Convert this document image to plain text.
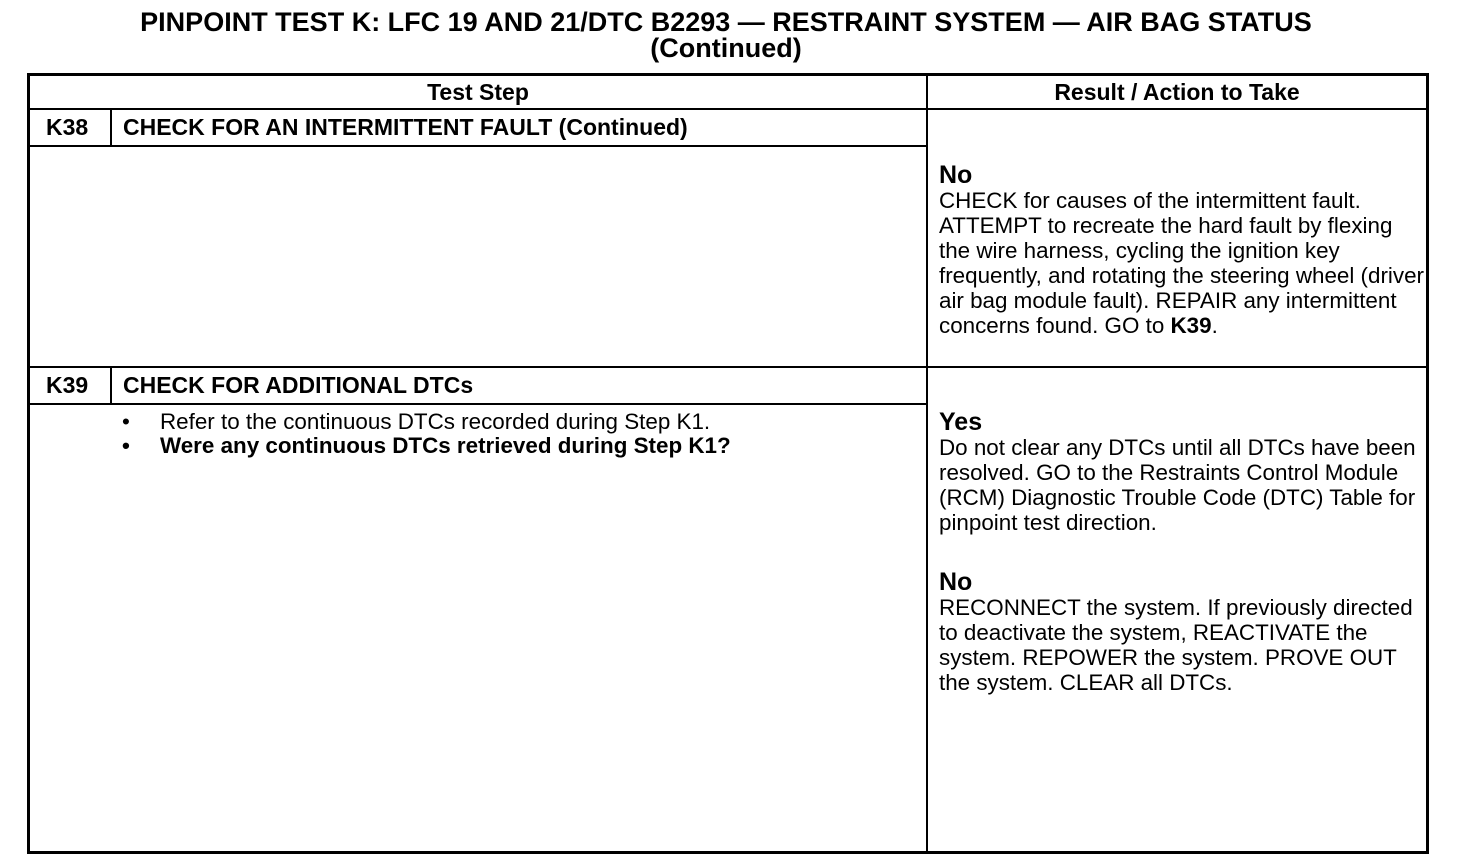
PINPOINT TEST K: LFC 19 AND 21/DTC B2293 — RESTRAINT SYSTEM — AIR BAG STATUS
(Continued)
Test Step	Result / Action to Take
K38 CHECK FOR AN INTERMITTENT FAULT (Continued)
No

CHECK for causes of the intermittent fault. ATTEMPT to recreate the hard fault by flexing the wire harness, cycling the ignition key frequently, and rotating the steering wheel (driver air bag module fault). REPAIR any intermittent concerns found. GO to K39.

K39 CHECK FOR ADDITIONAL DTCs
• Refer to the continuous DTCs recorded during Step K1.
• Were any continuous DTCs retrieved during Step K1?
Yes

Do not clear any DTCs until all DTCs have been resolved. GO to the Restraints Control Module (RCM) Diagnostic Trouble Code (DTC) Table for pinpoint test direction.

No

RECONNECT the system. If previously directed to deactivate the system, REACTIVATE the system. REPOWER the system. PROVE OUT the system. CLEAR all DTCs.
